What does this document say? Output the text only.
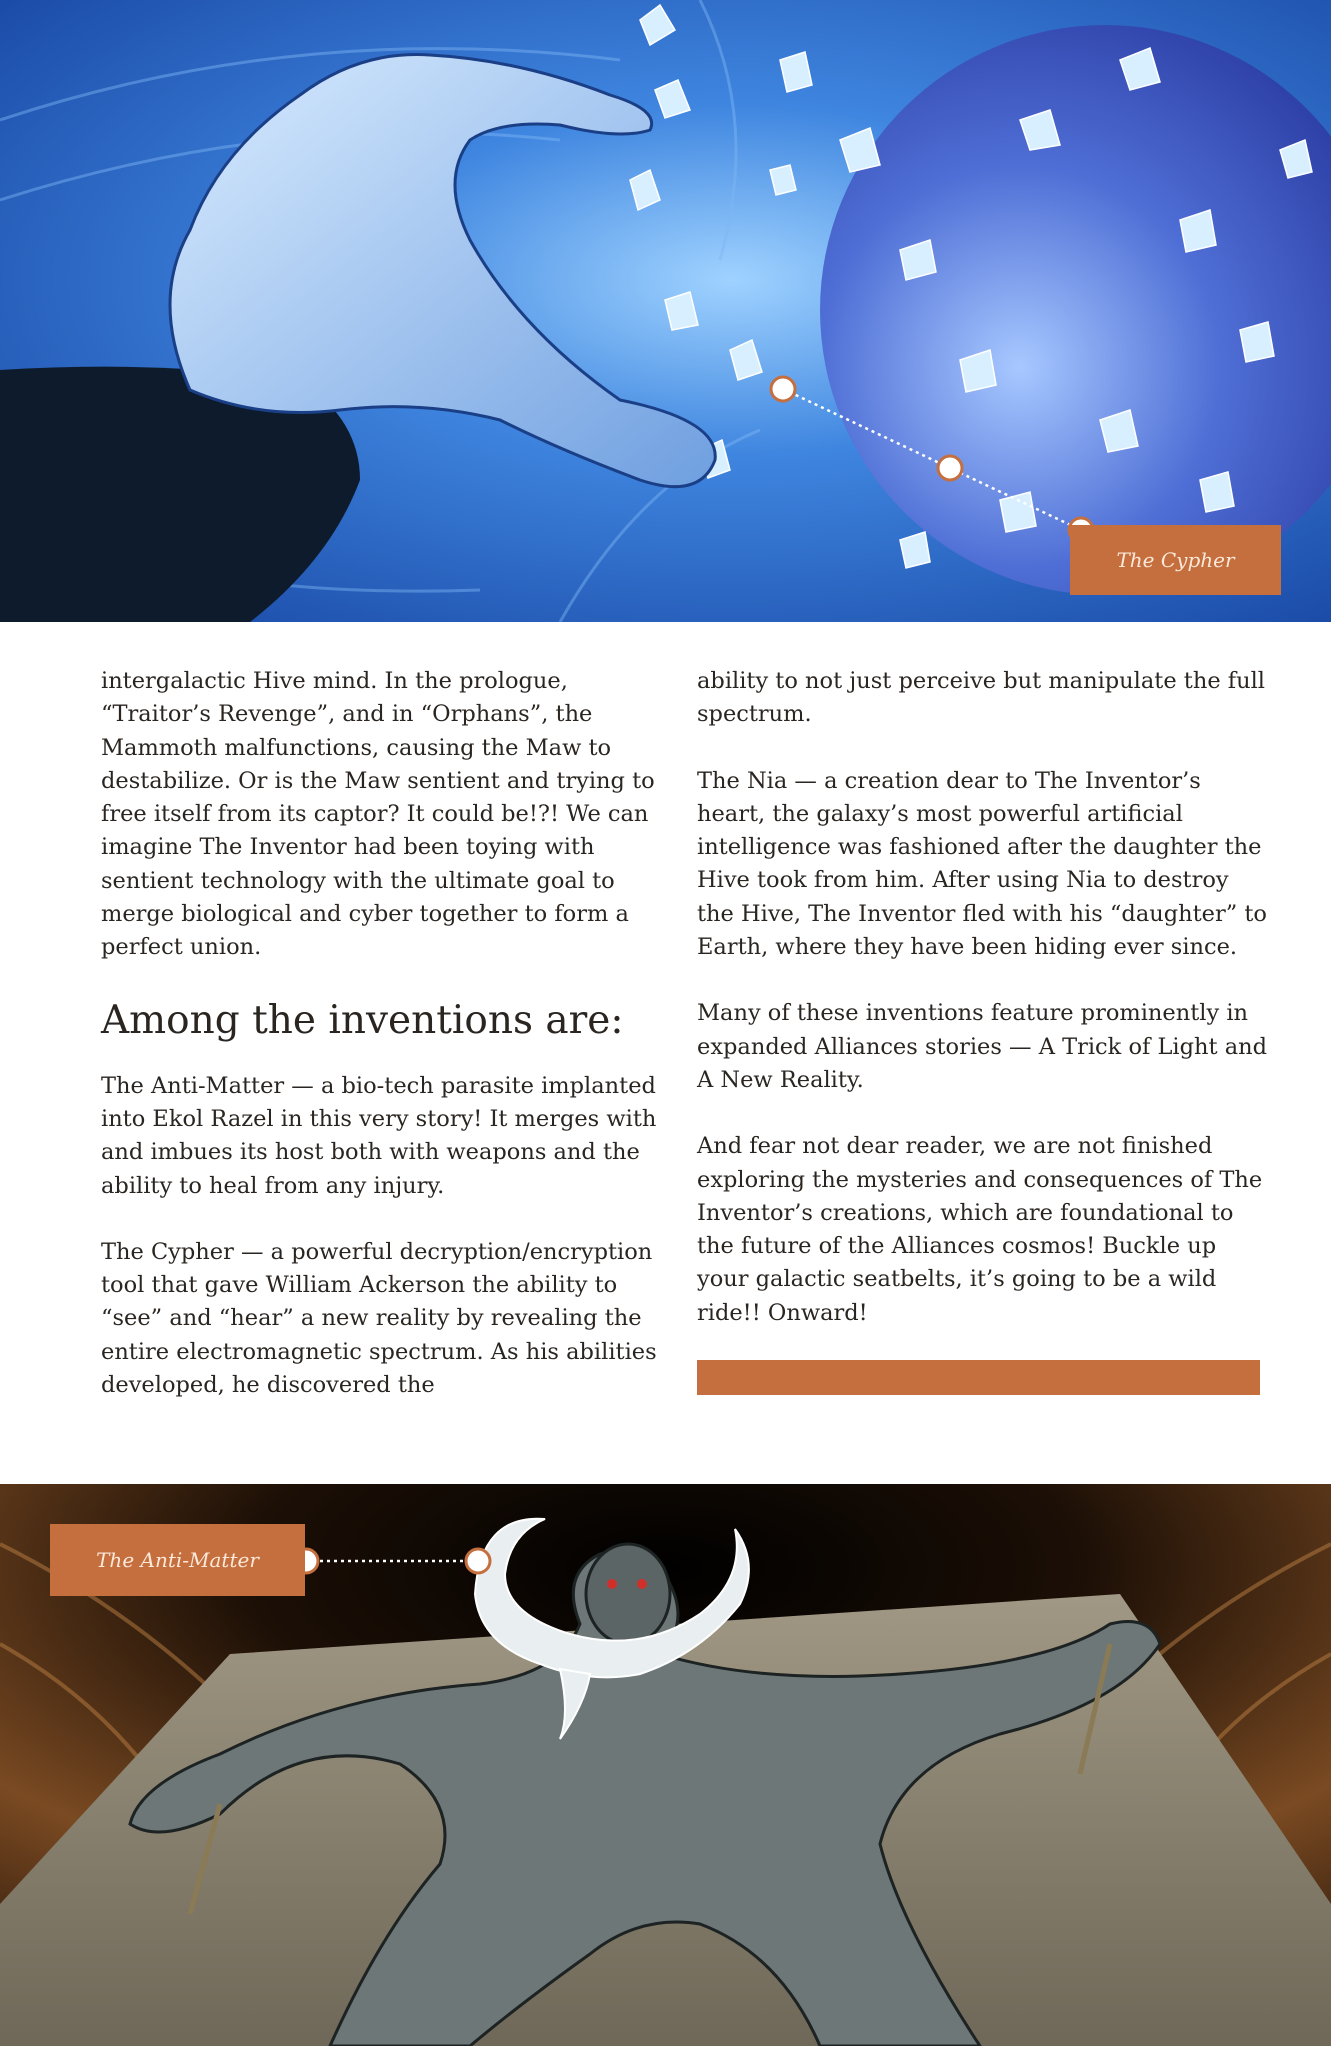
The Cypher

intergalactic Hive mind. In the prologue, “Traitor’s Revenge”, and in “Orphans”, the Mammoth malfunctions, causing the Maw to destabilize. Or is the Maw sentient and trying to free itself from its captor? It could be!?! We can imagine The Inventor had been toying with sentient technology with the ultimate goal to merge biological and cyber together to form a perfect union.

Among the inventions are:

The Anti-Matter — a bio-tech parasite implanted into Ekol Razel in this very story! It merges with and imbues its host both with weapons and the ability to heal from any injury.

The Cypher — a powerful decryption/encryption tool that gave William Ackerson the ability to “see” and “hear” a new reality by revealing the entire electromagnetic spectrum. As his abilities developed, he discovered the

ability to not just perceive but manipulate the full spectrum.

The Nia — a creation dear to The Inventor’s heart, the galaxy’s most powerful artificial intelligence was fashioned after the daughter the Hive took from him. After using Nia to destroy the Hive, The Inventor fled with his “daughter” to Earth, where they have been hiding ever since.

Many of these inventions feature prominently in expanded Alliances stories — A Trick of Light and A New Reality.

And fear not dear reader, we are not finished exploring the mysteries and consequences of The Inventor’s creations, which are foundational to the future of the Alliances cosmos! Buckle up your galactic seatbelts, it’s going to be a wild ride!! Onward!

The Anti-Matter
